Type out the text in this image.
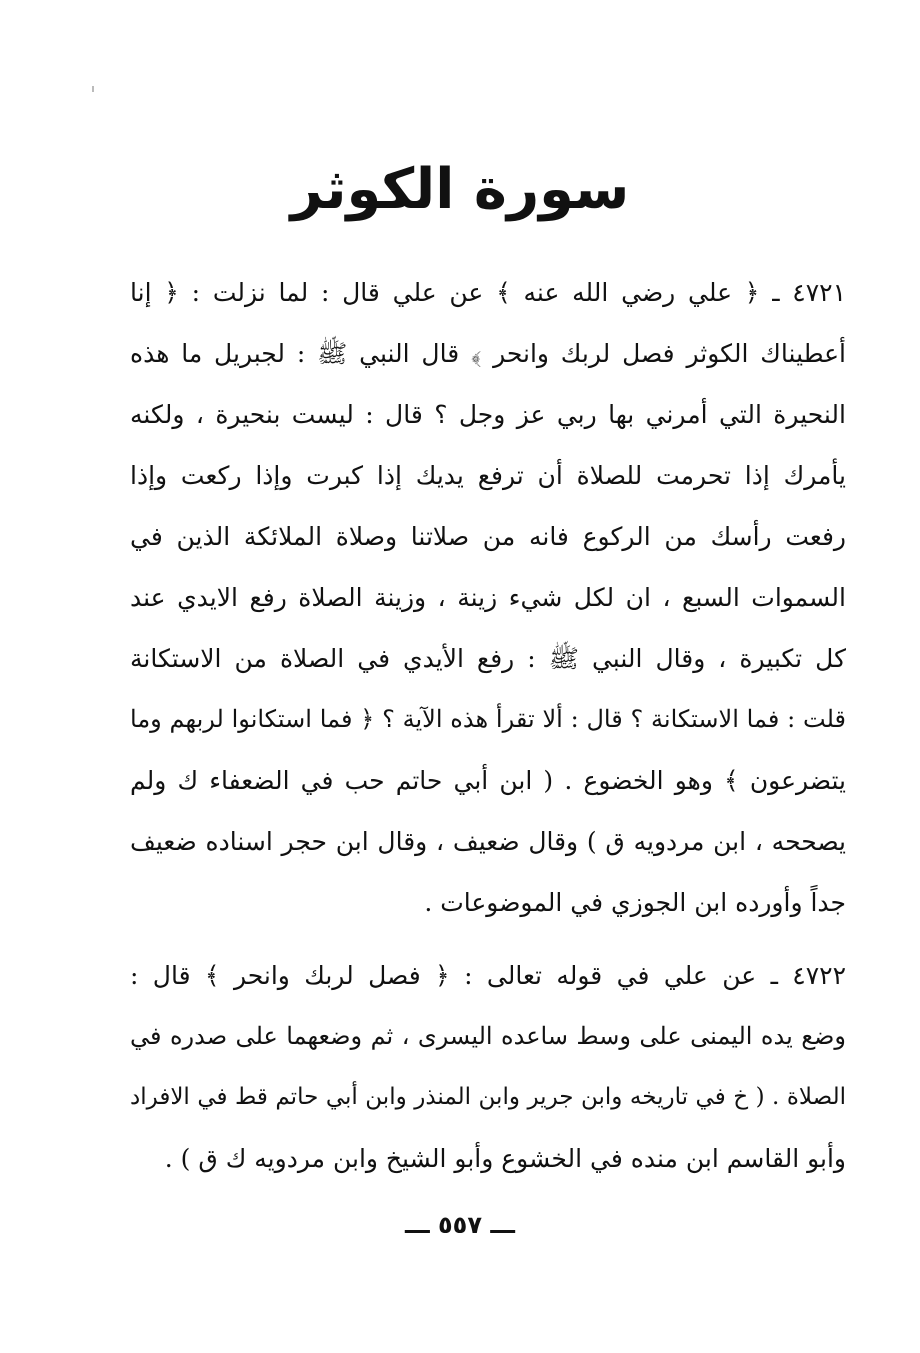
سورة الكوثر
٤٧٢١ ـ ﴿ علي رضي الله عنه ﴾ عن علي قال : لما نزلت : ﴿ إنا
أعطيناك الكوثر فصل لربك وانحر ﴾ قال النبي ﷺ : لجبريل ما هذه
النحيرة التي أمرني بها ربي عز وجل ؟ قال : ليست بنحيرة ، ولكنه
يأمرك إذا تحرمت للصلاة أن ترفع يديك إذا كبرت وإذا ركعت وإذا
رفعت رأسك من الركوع فانه من صلاتنا وصلاة الملائكة الذين في
السموات السبع ، ان لكل شيء زينة ، وزينة الصلاة رفع الايدي عند
كل تكبيرة ، وقال النبي ﷺ : رفع الأيدي في الصلاة من الاستكانة
قلت : فما الاستكانة ؟ قال : ألا تقرأ هذه الآية ؟ ﴿ فما استكانوا لربهم وما
يتضرعون ﴾ وهو الخضوع . ( ابن أبي حاتم حب في الضعفاء ك ولم
يصححه ، ابن مردويه ق ) وقال ضعيف ، وقال ابن حجر اسناده ضعيف
جداً وأورده ابن الجوزي في الموضوعات .
٤٧٢٢ ـ عن علي في قوله تعالى : ﴿ فصل لربك وانحر ﴾ قال :
وضع يده اليمنى على وسط ساعده اليسرى ، ثم وضعهما على صدره في
الصلاة . ( خ في تاريخه وابن جرير وابن المنذر وابن أبي حاتم قط في الافراد
وأبو القاسم ابن منده في الخشوع وأبو الشيخ وابن مردويه ك ق ) .
ـــ ٥٥٧ ـــ
